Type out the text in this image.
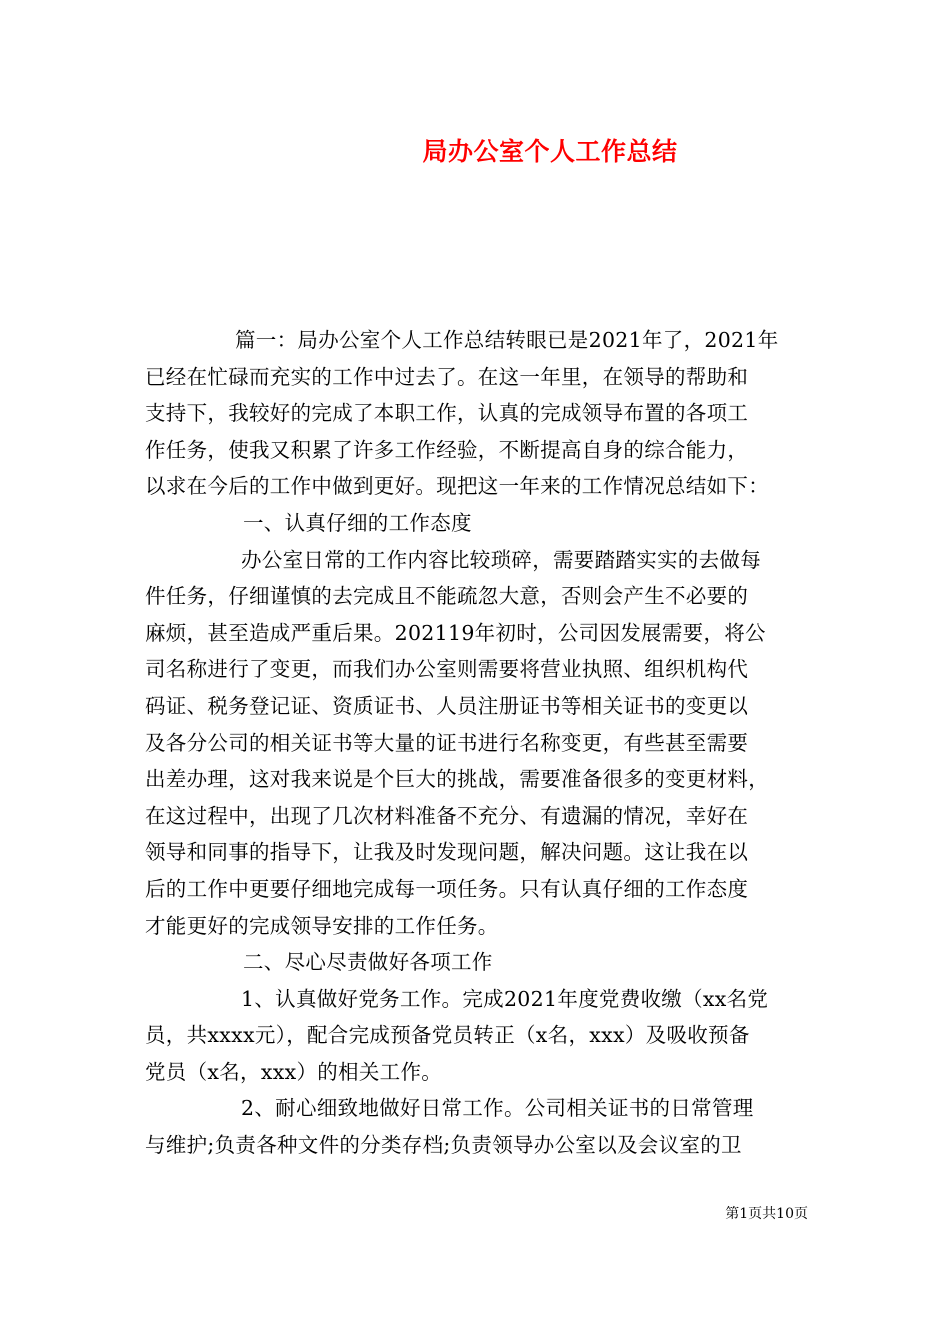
局办公室个人工作总结
篇一：局办公室个人工作总结转眼已是2021年了，2021年
已经在忙碌而充实的工作中过去了。在这一年里，在领导的帮助和
支持下，我较好的完成了本职工作，认真的完成领导布置的各项工
作任务，使我又积累了许多工作经验，不断提高自身的综合能力，
以求在今后的工作中做到更好。现把这一年来的工作情况总结如下：
一、认真仔细的工作态度
办公室日常的工作内容比较琐碎，需要踏踏实实的去做每
件任务，仔细谨慎的去完成且不能疏忽大意，否则会产生不必要的
麻烦，甚至造成严重后果。202119年初时，公司因发展需要，将公
司名称进行了变更，而我们办公室则需要将营业执照、组织机构代
码证、税务登记证、资质证书、人员注册证书等相关证书的变更以
及各分公司的相关证书等大量的证书进行名称变更，有些甚至需要
出差办理，这对我来说是个巨大的挑战，需要准备很多的变更材料，
在这过程中，出现了几次材料准备不充分、有遗漏的情况，幸好在
领导和同事的指导下，让我及时发现问题，解决问题。这让我在以
后的工作中更要仔细地完成每一项任务。只有认真仔细的工作态度
才能更好的完成领导安排的工作任务。
二、尽心尽责做好各项工作
1、认真做好党务工作。完成2021年度党费收缴（xx名党
员，共xxxx元），配合完成预备党员转正（x名，xxx）及吸收预备
党员（x名，xxx）的相关工作。
2、耐心细致地做好日常工作。公司相关证书的日常管理
与维护;负责各种文件的分类存档;负责领导办公室以及会议室的卫
第1页共10页
